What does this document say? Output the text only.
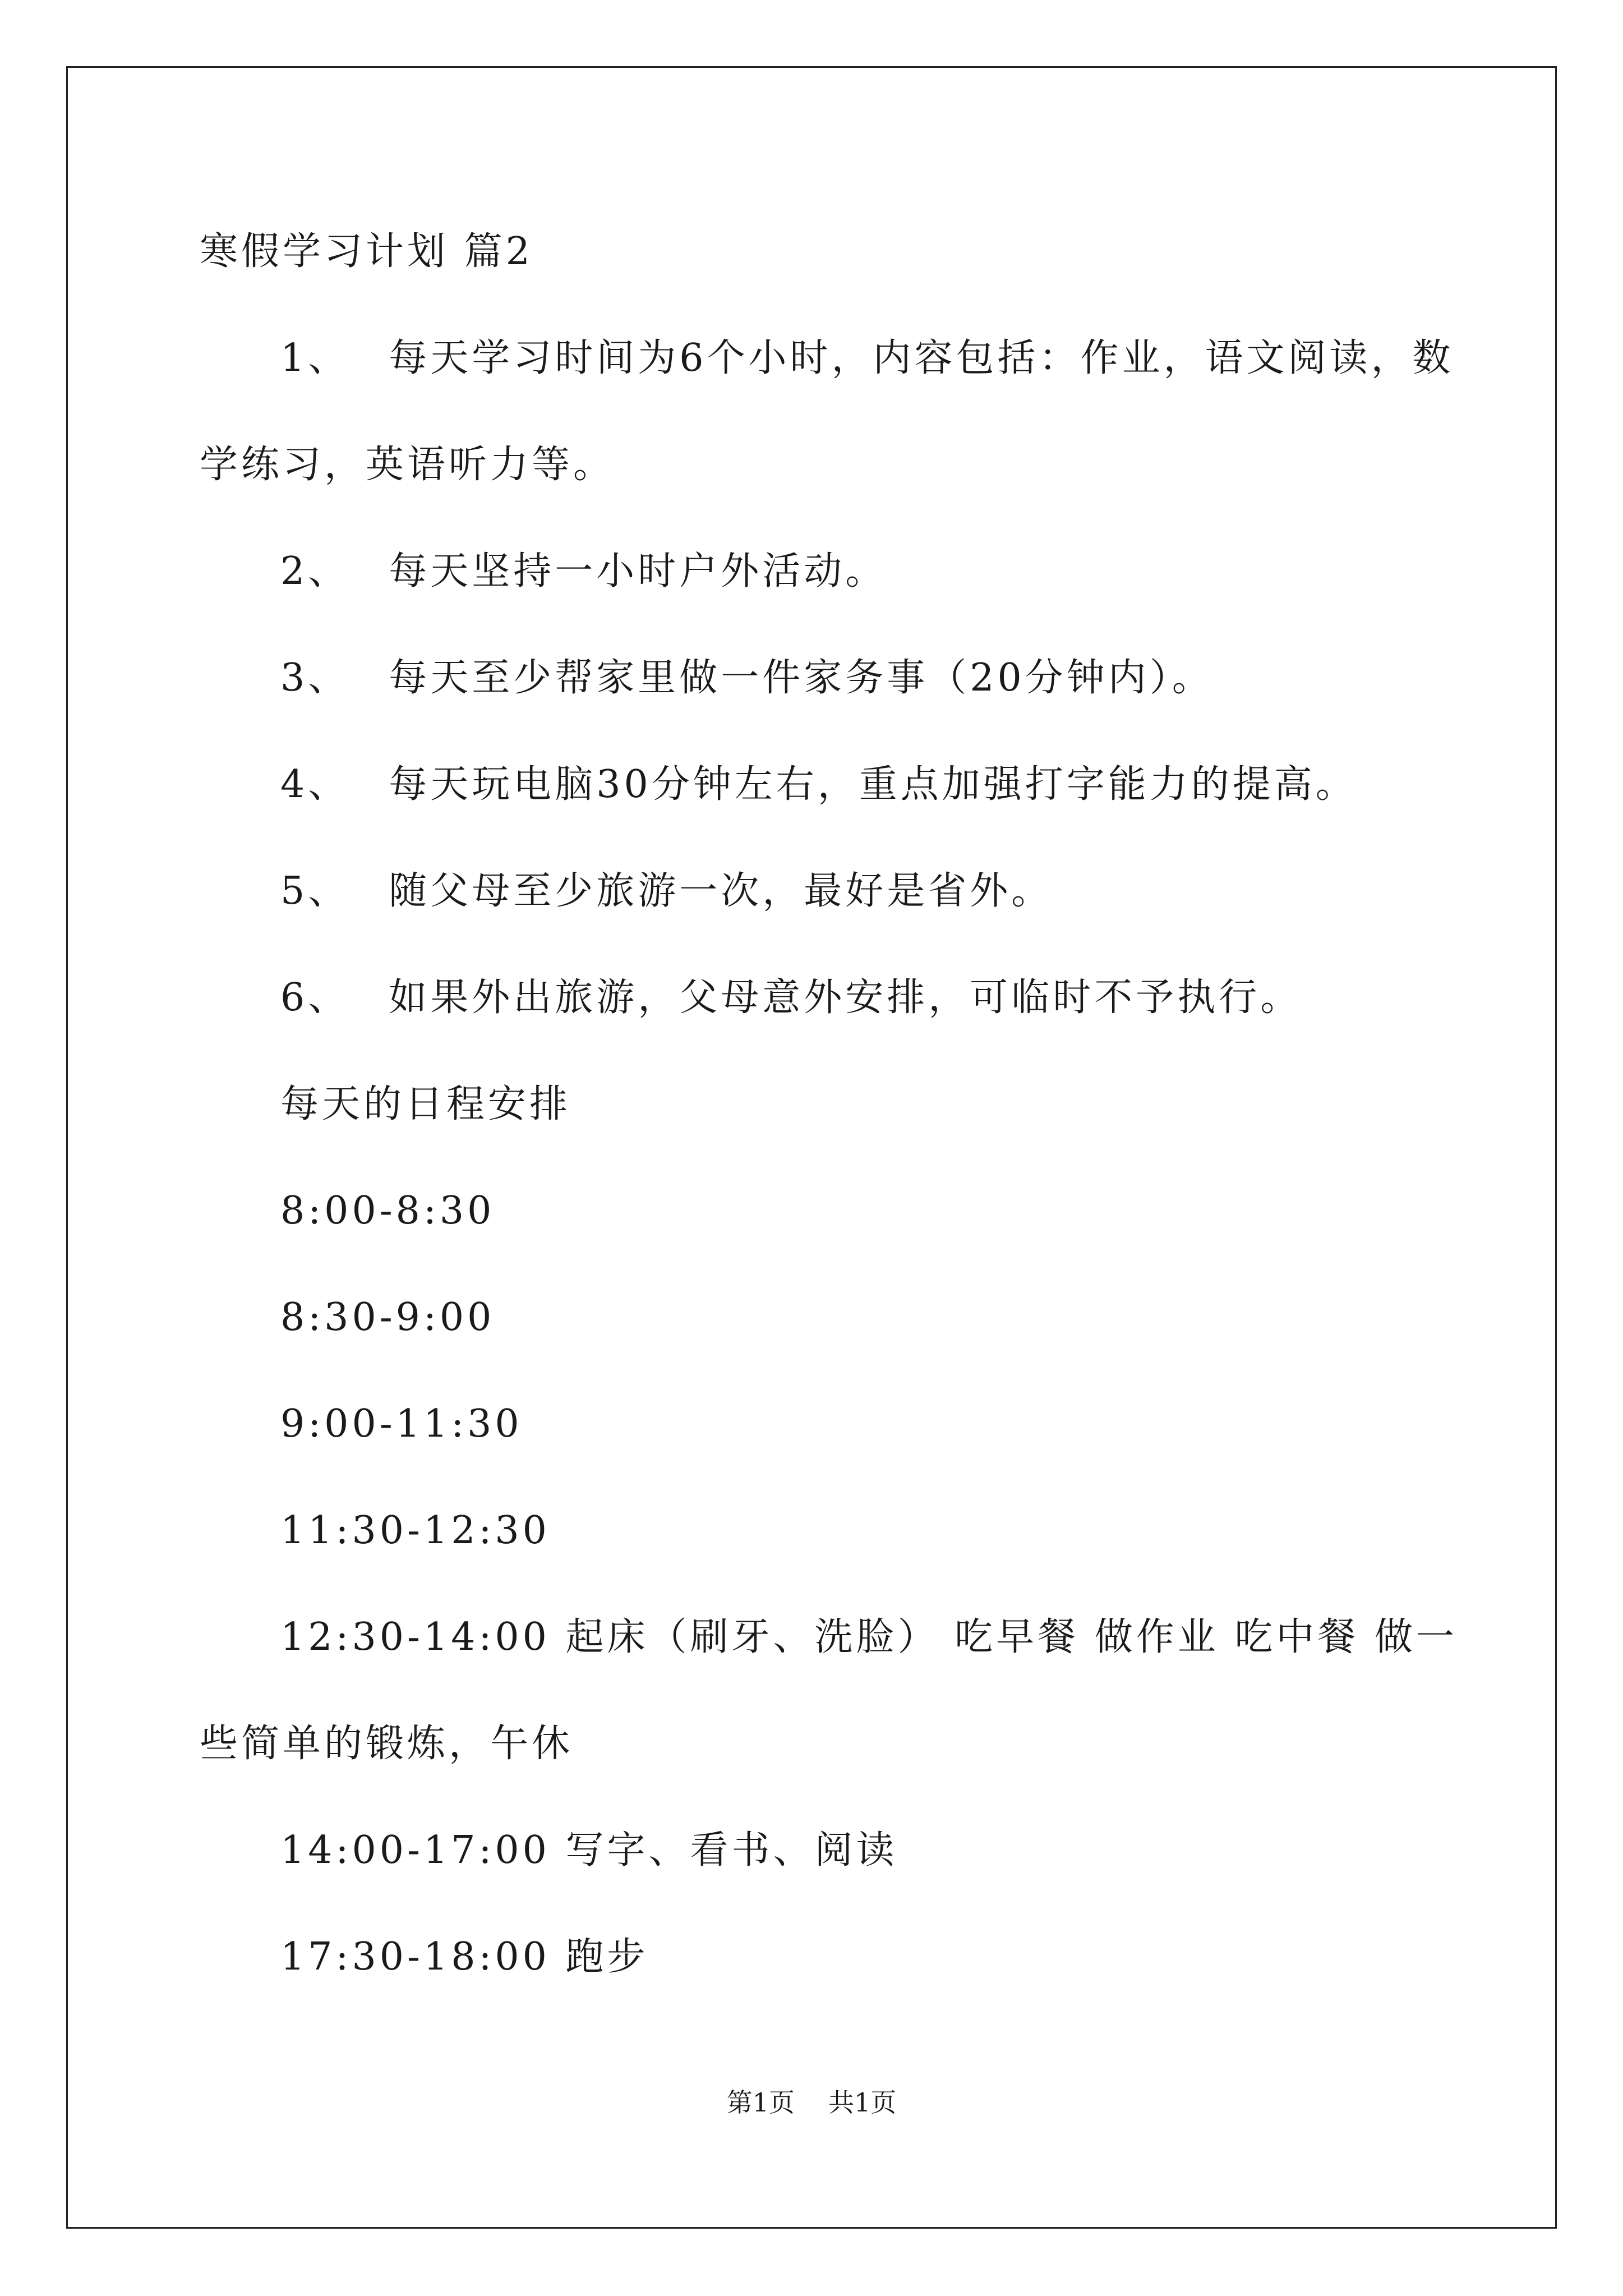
寒假学习计划 篇2
1、 每天学习时间为6个小时，内容包括：作业，语文阅读，数
学练习，英语听力等。
2、 每天坚持一小时户外活动。
3、 每天至少帮家里做一件家务事（20分钟内）。
4、 每天玩电脑30分钟左右，重点加强打字能力的提高。
5、 随父母至少旅游一次，最好是省外。
6、 如果外出旅游，父母意外安排，可临时不予执行。
每天的日程安排
8:00-8:30
8:30-9:00
9:00-11:30
11:30-12:30
12:30-14:00 起床（刷牙、洗脸） 吃早餐 做作业 吃中餐 做一
些简单的锻炼，午休
14:00-17:00 写字、看书、阅读
17:30-18:00 跑步
第1页 共1页
